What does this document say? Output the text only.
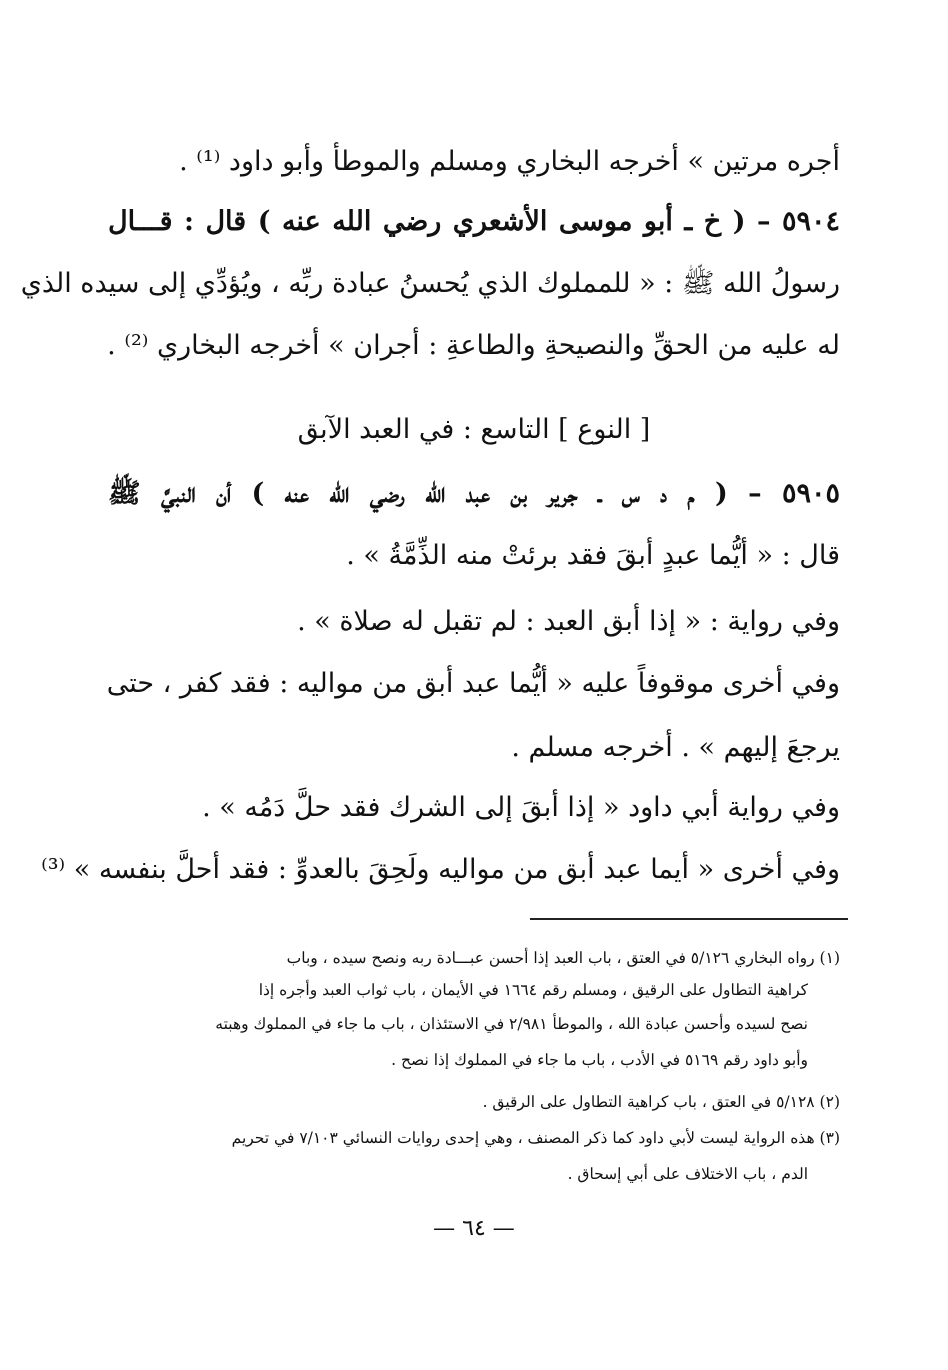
أجره مرتين » أخرجه البخاري ومسلم والموطأ وأبو داود ⁽¹⁾ .
٥٩٠٤ – ( خ ـ أبو موسى الأشعري رضي الله عنه ) قال : قـــال
رسولُ الله ﷺ : « للمملوك الذي يُحسنُ عبادة ربِّه ، ويُؤدِّي إلى سيده الذي
له عليه من الحقِّ والنصيحةِ والطاعةِ : أجران » أخرجه البخاري ⁽²⁾ .
[ النوع ] التاسع : في العبد الآبق
٥٩٠٥ – ( م د س ـ جرير بن عبد الله رضي الله عنه ) أن النبيَّ ﷺ
قال : « أيُّما عبدٍ أبقَ فقد برئتْ منه الذِّمَّةُ » .
وفي رواية : « إذا أبق العبد : لم تقبل له صلاة » .
وفي أخرى موقوفاً عليه « أيُّما عبد أبق من مواليه : فقد كفر ، حتى
يرجعَ إليهم » . أخرجه مسلم .
وفي رواية أبي داود « إذا أبقَ إلى الشرك فقد حلَّ دَمُه » .
وفي أخرى « أيما عبد أبق من مواليه ولَحِقَ بالعدوِّ : فقد أحلَّ بنفسه » ⁽³⁾
(١) رواه البخاري ٥/١٢٦ في العتق ، باب العبد إذا أحسن عبـــادة ربه ونصح سيده ، وباب
كراهية التطاول على الرقيق ، ومسلم رقم ١٦٦٤ في الأيمان ، باب ثواب العبد وأجره إذا
نصح لسيده وأحسن عبادة الله ، والموطأ ٢/٩٨١ في الاستئذان ، باب ما جاء في المملوك وهبته
وأبو داود رقم ٥١٦٩ في الأدب ، باب ما جاء في المملوك إذا نصح .
(٢) ٥/١٢٨ في العتق ، باب كراهية التطاول على الرقيق .
(٣) هذه الرواية ليست لأبي داود كما ذكر المصنف ، وهي إحدى روايات النسائي ٧/١٠٣ في تحريم
الدم ، باب الاختلاف على أبي إسحاق .
— ٦٤ —
